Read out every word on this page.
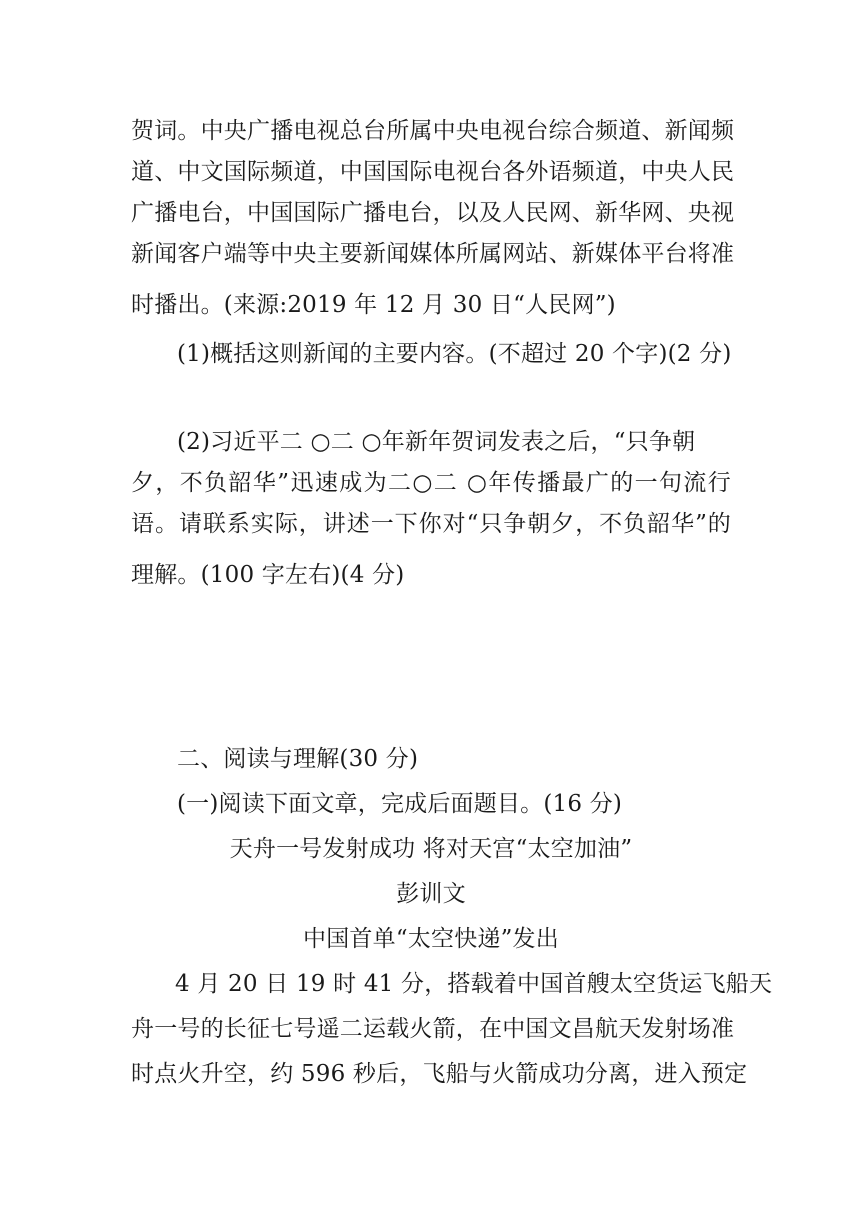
贺词。中央广播电视总台所属中央电视台综合频道、新闻频
道、中文国际频道，中国国际电视台各外语频道，中央人民
广播电台，中国国际广播电台，以及人民网、新华网、央视
新闻客户端等中央主要新闻媒体所属网站、新媒体平台将准
时播出。(来源:2019 年 12 月 30 日“人民网”)
(1)概括这则新闻的主要内容。(不超过 20 个字)(2 分)
(2)习近平二 ○二 ○年新年贺词发表之后，“只争朝
夕，不负韶华”迅速成为二○二 ○年传播最广的一句流行
语。请联系实际，讲述一下你对“只争朝夕，不负韶华”的
理解。(100 字左右)(4 分)
二、阅读与理解(30 分)
(一)阅读下面文章，完成后面题目。(16 分)
天舟一号发射成功 将对天宫“太空加油”
彭训文
中国首单“太空快递”发出
4 月 20 日 19 时 41 分，搭载着中国首艘太空货运飞船天
舟一号的长征七号遥二运载火箭，在中国文昌航天发射场准
时点火升空，约 596 秒后，飞船与火箭成功分离，进入预定
